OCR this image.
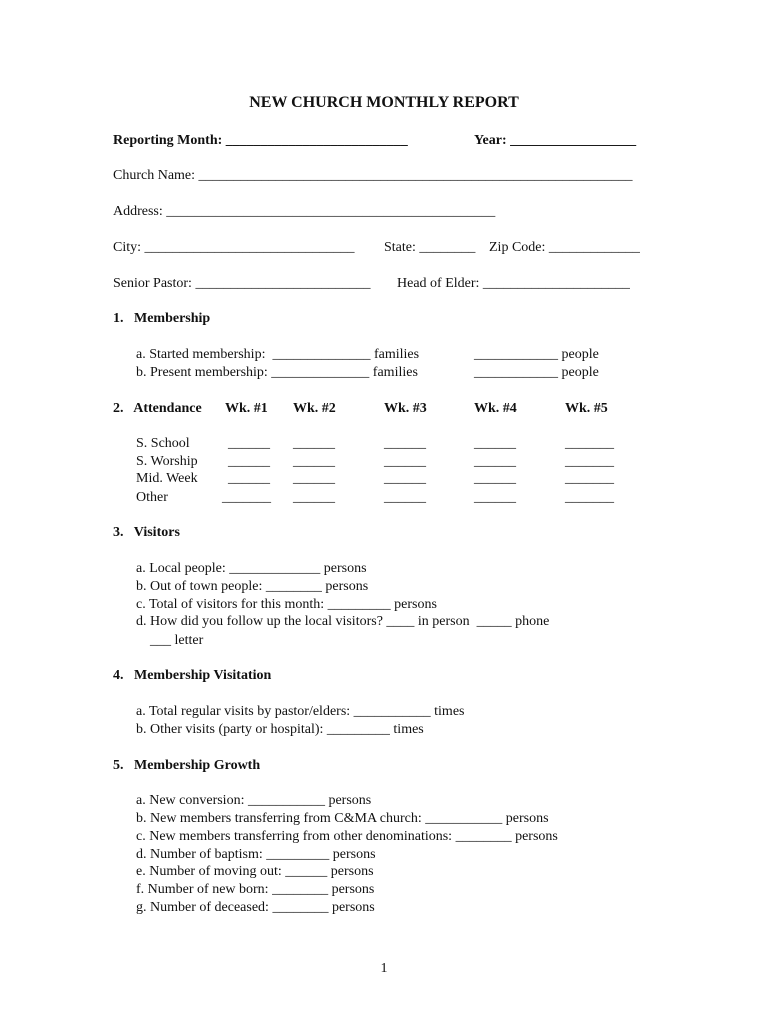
NEW CHURCH MONTHLY REPORT
Reporting Month: __________________________	Year: __________________
Church Name: ______________________________________________________________
Address: _______________________________________________
City: ______________________________ State: ________ Zip Code: _____________
Senior Pastor: _________________________ Head of Elder: _____________________
1.   Membership
a. Started membership:  ______________ families	____________ people
b. Present membership: ______________ families	____________ people
2.   Attendance Wk. #1 Wk. #2	Wk. #3	Wk. #4	Wk. #5
S. School	______ ______	______	______	_______
S. Worship ______ ______	______	______	_______
Mid. Week ______ ______	______	______	_______
Other	_______ ______	______	______	_______
3.   Visitors
a. Local people: _____________ persons
b. Out of town people: ________ persons
c. Total of visitors for this month: _________ persons
d. How did you follow up the local visitors? ____ in person  _____ phone
___ letter
4.   Membership Visitation
a. Total regular visits by pastor/elders: ___________ times
b. Other visits (party or hospital): _________ times
5.   Membership Growth
a. New conversion: ___________ persons
b. New members transferring from C&MA church: ___________ persons
c. New members transferring from other denominations: ________ persons
d. Number of baptism: _________ persons
e. Number of moving out: ______ persons
f. Number of new born: ________ persons
g. Number of deceased: ________ persons
1
